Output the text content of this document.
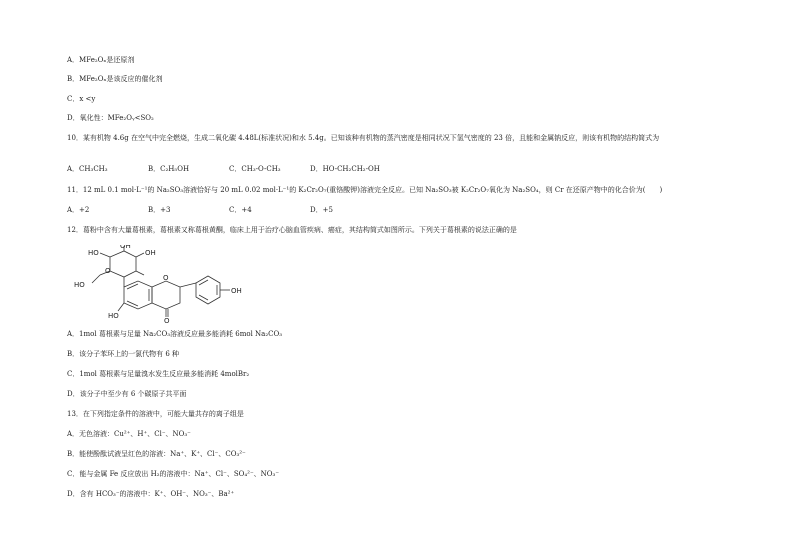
A．MFe₂Oₓ是还原剂
B．MFe₂Oₓ是该反应的催化剂
C．x <y
D．氧化性：MFe₂Oᵧ<SO₂
10．某有机物 4.6g 在空气中完全燃烧，生成二氧化碳 4.48L(标准状况)和水 5.4g。已知该种有机物的蒸汽密度是相同状况下氢气密度的 23 倍，且能和金属钠反应，则该有机物的结构简式为
A．CH₃CH₃	B．C₂H₅OH	C．CH₃-O-CH₃	D．HO-CH₂CH₂-OH
11．12 mL 0.1 mol·L⁻¹的 Na₂SO₃溶液恰好与 20 mL 0.02 mol·L⁻¹的 K₂Cr₂O₇(重铬酸钾)溶液完全反应。已知 Na₂SO₃被 K₂Cr₂O₇氧化为 Na₂SO₄，则 Cr 在还原产物中的化合价为(　　)
A．+2	B．+3	C．+4	D．+5
12．葛粉中含有大量葛根素，葛根素又称葛根黄酮，临床上用于治疗心脑血管疾病、癌症，其结构简式如图所示。下列关于葛根素的说法正确的是
OH
OH
HO
HO
HO
OH
O
O
O
A．1mol 葛根素与足量 Na₂CO₃溶液反应最多能消耗 6mol Na₂CO₃
B．该分子苯环上的一氯代物有 6 种
C．1mol 葛根素与足量溴水发生反应最多能消耗 4molBr₂
D．该分子中至少有 6 个碳原子共平面
13．在下列指定条件的溶液中，可能大量共存的离子组是
A．无色溶液：Cu²⁺、H⁺、Cl⁻、NO₃⁻
B．能使酚酞试液呈红色的溶液：Na⁺、K⁺、Cl⁻、CO₃²⁻
C．能与金属 Fe 反应放出 H₂的溶液中：Na⁺、Cl⁻、SO₄²⁻、NO₃⁻
D．含有 HCO₃⁻的溶液中：K⁺、OH⁻、NO₃⁻、Ba²⁺
